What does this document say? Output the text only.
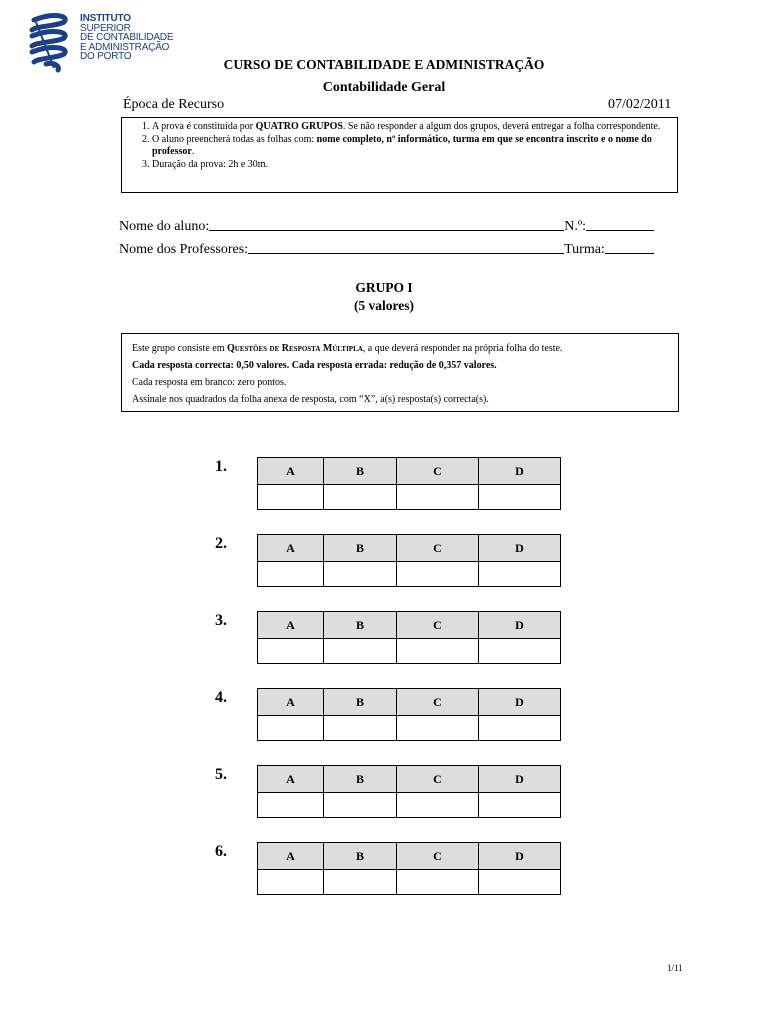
INSTITUTO
SUPERIOR
DE CONTABILIDADE
E ADMINISTRAÇÃO
DO PORTO
CURSO DE CONTABILIDADE E ADMINISTRAÇÃO
Contabilidade Geral
Época de Recurso	07/02/2011
1. A prova é constituída por QUATRO GRUPOS. Se não responder a algum dos grupos, deverá entregar a folha correspondente.
2. O aluno preencherá todas as folhas com: nome completo, nº informático, turma em que se encontra inscrito e o nome do professor.
3. Duração da prova: 2h e 30m.
Nome do aluno:	N.º:
Nome dos Professores:	Turma:
GRUPO I
(5 valores)
Este grupo consiste em Questões de Resposta Múltipla, a que deverá responder na própria folha do teste.
Cada resposta correcta: 0,50 valores. Cada resposta errada: redução de 0,357 valores.
Cada resposta em branco: zero pontos.
Assinale nos quadrados da folha anexa de resposta, com “X”, a(s) resposta(s) correcta(s).
1.	A	B	C	D

2.	A	B	C	D

3.	A	B	C	D

4.	A	B	C	D

5.	A	B	C	D

6.	A	B	C	D

1/11
